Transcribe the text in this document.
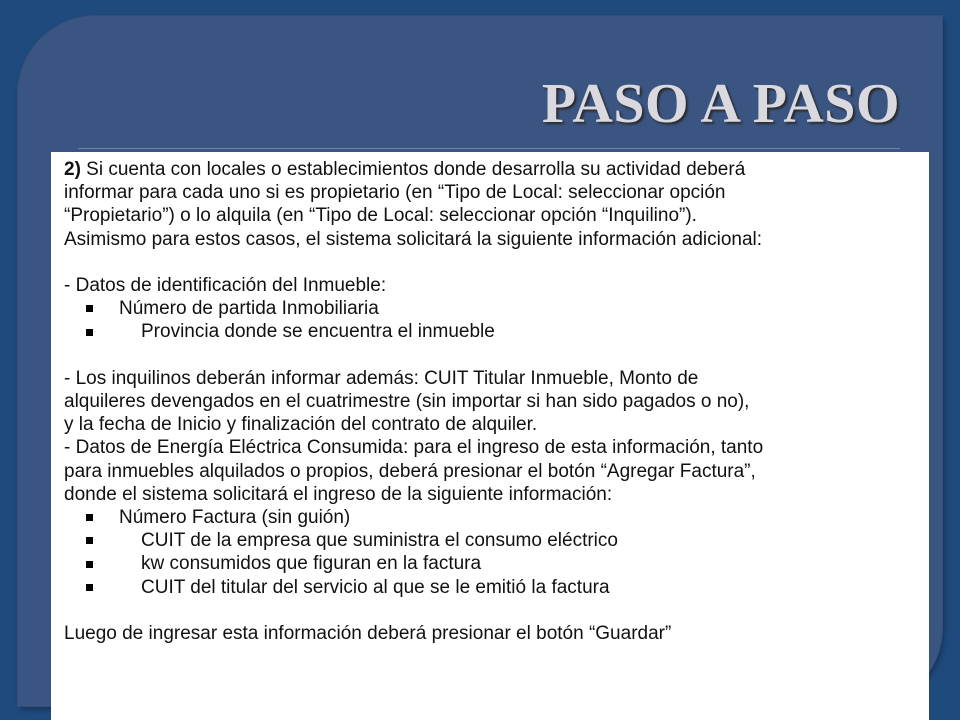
PASO A PASO

2) Si cuenta con locales o establecimientos donde desarrolla su actividad deberá

informar para cada uno si es propietario (en “Tipo de Local: seleccionar opción

“Propietario”) o lo alquila (en “Tipo de Local: seleccionar opción “Inquilino”).

Asimismo para estos casos, el sistema solicitará la siguiente información adicional:

- Datos de identificación del Inmueble:

Número de partida Inmobiliaria
Provincia donde se encuentra el inmueble

- Los inquilinos deberán informar además: CUIT Titular Inmueble, Monto de

alquileres devengados en el cuatrimestre (sin importar si han sido pagados o no),

y la fecha de Inicio y finalización del contrato de alquiler.

- Datos de Energía Eléctrica Consumida: para el ingreso de esta información, tanto

para inmuebles alquilados o propios, deberá presionar el botón “Agregar Factura”,

donde el sistema solicitará el ingreso de la siguiente información:

Número Factura (sin guión)
CUIT de la empresa que suministra el consumo eléctrico
kw consumidos que figuran en la factura
CUIT del titular del servicio al que se le emitió la factura

Luego de ingresar esta información deberá presionar el botón “Guardar”
